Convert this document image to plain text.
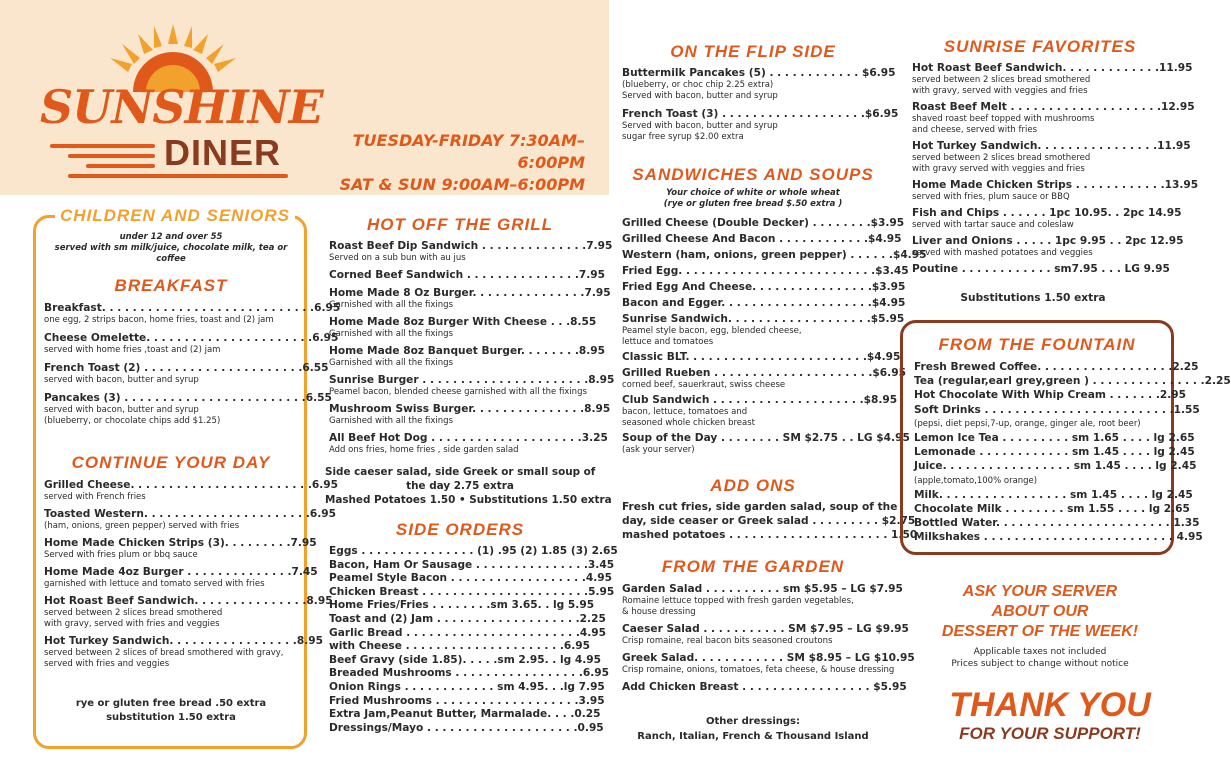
SUNSHINE
DINER	TUESDAY-FRIDAY 7:30AM–6:00PM
SAT & SUN 9:00AM–6:00PM
CHILDREN AND SENIORS
under 12 and over 55
served with sm milk/juice, chocolate milk, tea or coffee
BREAKFAST
Breakfast. . . . . . . . . . . . . . . . . . . . . . . . . . . .6.95
one egg, 2 strips bacon, home fries, toast and (2) jam
Cheese Omelette. . . . . . . . . . . . . . . . . . . . . .6.95
served with home fries ,toast and (2) jam
French Toast (2) . . . . . . . . . . . . . . . . . . . . .6.55
served with bacon, butter and syrup
Pancakes (3) . . . . . . . . . . . . . . . . . . . . . . . .6.55
served with bacon, butter and syrup
(blueberry, or chocolate chips add $1.25)
CONTINUE YOUR DAY
Grilled Cheese. . . . . . . . . . . . . . . . . . . . . . . .6.95
served with French fries
Toasted Western. . . . . . . . . . . . . . . . . . . . . .6.95
(ham, onions, green pepper) served with fries
Home Made Chicken Strips (3). . . . . . . . .7.95
Served with fries plum or bbq sauce
Home Made 4oz Burger . . . . . . . . . . . . . .7.45
garnished with lettuce and tomato served with fries
Hot Roast Beef Sandwich. . . . . . . . . . . . . . .8.95
served between 2 slices bread smothered
with gravy, served with fries and veggies
Hot Turkey Sandwich. . . . . . . . . . . . . . . . .8.95
served between 2 slices of bread smothered with gravy,
served with fries and veggies
rye or gluten free bread .50 extra
substitution 1.50 extra
HOT OFF THE GRILL
Roast Beef Dip Sandwich . . . . . . . . . . . . . .7.95
Served on a sub bun with au jus
Corned Beef Sandwich . . . . . . . . . . . . . . .7.95
Home Made 8 Oz Burger. . . . . . . . . . . . . . .7.95
Garnished with all the fixings
Home Made 8oz Burger With Cheese . . .8.55
Garnished with all the fixings
Home Made 8oz Banquet Burger. . . . . . . .8.95
Garnished with all the fixings
Sunrise Burger . . . . . . . . . . . . . . . . . . . . . .8.95
Peamel bacon, blended cheese garnished with all the fixings
Mushroom Swiss Burger. . . . . . . . . . . . . . .8.95
Garnished with all the fixings
All Beef Hot Dog . . . . . . . . . . . . . . . . . . . .3.25
Add ons fries, home fries , side garden salad
Side caeser salad, side Greek or small soup of
the day 2.75 extra
Mashed Potatoes 1.50 • Substitutions 1.50 extra
SIDE ORDERS
Eggs . . . . . . . . . . . . . . . (1) .95 (2) 1.85 (3) 2.65
Bacon, Ham Or Sausage . . . . . . . . . . . . . . .3.45
Peamel Style Bacon . . . . . . . . . . . . . . . . . .4.95
Chicken Breast . . . . . . . . . . . . . . . . . . . . . .5.95
Home Fries/Fries . . . . . . . .sm 3.65. . lg 5.95
Toast and (2) Jam . . . . . . . . . . . . . . . . . . .2.25
Garlic Bread . . . . . . . . . . . . . . . . . . . . . . .4.95
with Cheese . . . . . . . . . . . . . . . . . . . . .6.95
Beef Gravy (side 1.85). . . . .sm 2.95. . lg 4.95
Breaded Mushrooms . . . . . . . . . . . . . . . . .6.95
Onion Rings . . . . . . . . . . . . sm 4.95. . .lg 7.95
Fried Mushrooms . . . . . . . . . . . . . . . . . . .3.95
Extra Jam,Peanut Butter, Marmalade. . . .0.25
Dressings/Mayo . . . . . . . . . . . . . . . . . . . .0.95
ON THE FLIP SIDE
Buttermilk Pancakes (5) . . . . . . . . . . . . $6.95
(blueberry, or choc chip 2.25 extra)
Served with bacon, butter and syrup
French Toast (3) . . . . . . . . . . . . . . . . . . .$6.95
Served with bacon, butter and syrup
sugar free syrup $2.00 extra
SANDWICHES AND SOUPS
Your choice of white or whole wheat
(rye or gluten free bread $.50 extra )
Grilled Cheese (Double Decker) . . . . . . . .$3.95
Grilled Cheese And Bacon . . . . . . . . . . . .$4.95
Western (ham, onions, green pepper) . . . . . .$4.95
Fried Egg. . . . . . . . . . . . . . . . . . . . . . . . . .$3.45
Fried Egg And Cheese. . . . . . . . . . . . . . . .$3.95
Bacon and Egger. . . . . . . . . . . . . . . . . . . .$4.95
Sunrise Sandwich. . . . . . . . . . . . . . . . . . .$5.95
Peamel style bacon, egg, blended cheese,
lettuce and tomatoes
Classic BLT. . . . . . . . . . . . . . . . . . . . . . . .$4.95
Grilled Rueben . . . . . . . . . . . . . . . . . . . . .$6.95
corned beef, sauerkraut, swiss cheese
Club Sandwich . . . . . . . . . . . . . . . . . . . .$8.95
bacon, lettuce, tomatoes and
seasoned whole chicken breast
Soup of the Day . . . . . . . . SM $2.75 . . LG $4.95
(ask your server)
ADD ONS
Fresh cut fries, side garden salad, soup of the
day, side ceaser or Greek salad . . . . . . . . . $2.75
mashed potatoes . . . . . . . . . . . . . . . . . . . . . 1.50
FROM THE GARDEN
Garden Salad . . . . . . . . . . sm $5.95 – LG $7.95
Romaine lettuce topped with fresh garden vegetables,
& house dressing
Caeser Salad . . . . . . . . . . . SM $7.95 – LG $9.95
Crisp romaine, real bacon bits seasoned croutons
Greek Salad. . . . . . . . . . . . SM $8.95 – LG $10.95
Crisp romaine, onions, tomatoes, feta cheese, & house dressing
Add Chicken Breast . . . . . . . . . . . . . . . . . $5.95
Other dressings:
Ranch, Italian, French & Thousand Island
SUNRISE FAVORITES
Hot Roast Beef Sandwich. . . . . . . . . . . . .11.95
served between 2 slices bread smothered
with gravy, served with veggies and fries
Roast Beef Melt . . . . . . . . . . . . . . . . . . . .12.95
shaved roast beef topped with mushrooms
and cheese, served with fries
Hot Turkey Sandwich. . . . . . . . . . . . . . . .11.95
served between 2 slices bread smothered
with gravy served with veggies and fries
Home Made Chicken Strips . . . . . . . . . . . .13.95
served with fries, plum sauce or BBQ
Fish and Chips . . . . . . 1pc 10.95. . 2pc 14.95
served with tartar sauce and coleslaw
Liver and Onions . . . . . 1pc 9.95 . . 2pc 12.95
served with mashed potatoes and veggies
Poutine . . . . . . . . . . . . sm7.95 . . . LG 9.95
Substitutions 1.50 extra
FROM THE FOUNTAIN
Fresh Brewed Coffee. . . . . . . . . . . . . . . . . .2.25
Tea (regular,earl grey,green ) . . . . . . . . . . . . . . .2.25
Hot Chocolate With Whip Cream . . . . . . .2.95
Soft Drinks . . . . . . . . . . . . . . . . . . . . . . . . .1.55
(pepsi, diet pepsi,7-up, orange, ginger ale, root beer)
Lemon Ice Tea . . . . . . . . . sm 1.65 . . . . lg 2.65
Lemonade . . . . . . . . . . . . sm 1.45 . . . . lg 2.45
Juice. . . . . . . . . . . . . . . . . sm 1.45 . . . . lg 2.45
(apple,tomato,100% orange)
Milk. . . . . . . . . . . . . . . . . sm 1.45 . . . . lg 2.45
Chocolate Milk . . . . . . . . sm 1.55 . . . . lg 2.65
Bottled Water. . . . . . . . . . . . . . . . . . . . . . . 1.35
Milkshakes . . . . . . . . . . . . . . . . . . . . . . . . . 4.95
ASK YOUR SERVER
ABOUT OUR
DESSERT OF THE WEEK!
Applicable taxes not included
Prices subject to change without notice
THANK YOU
FOR YOUR SUPPORT!
